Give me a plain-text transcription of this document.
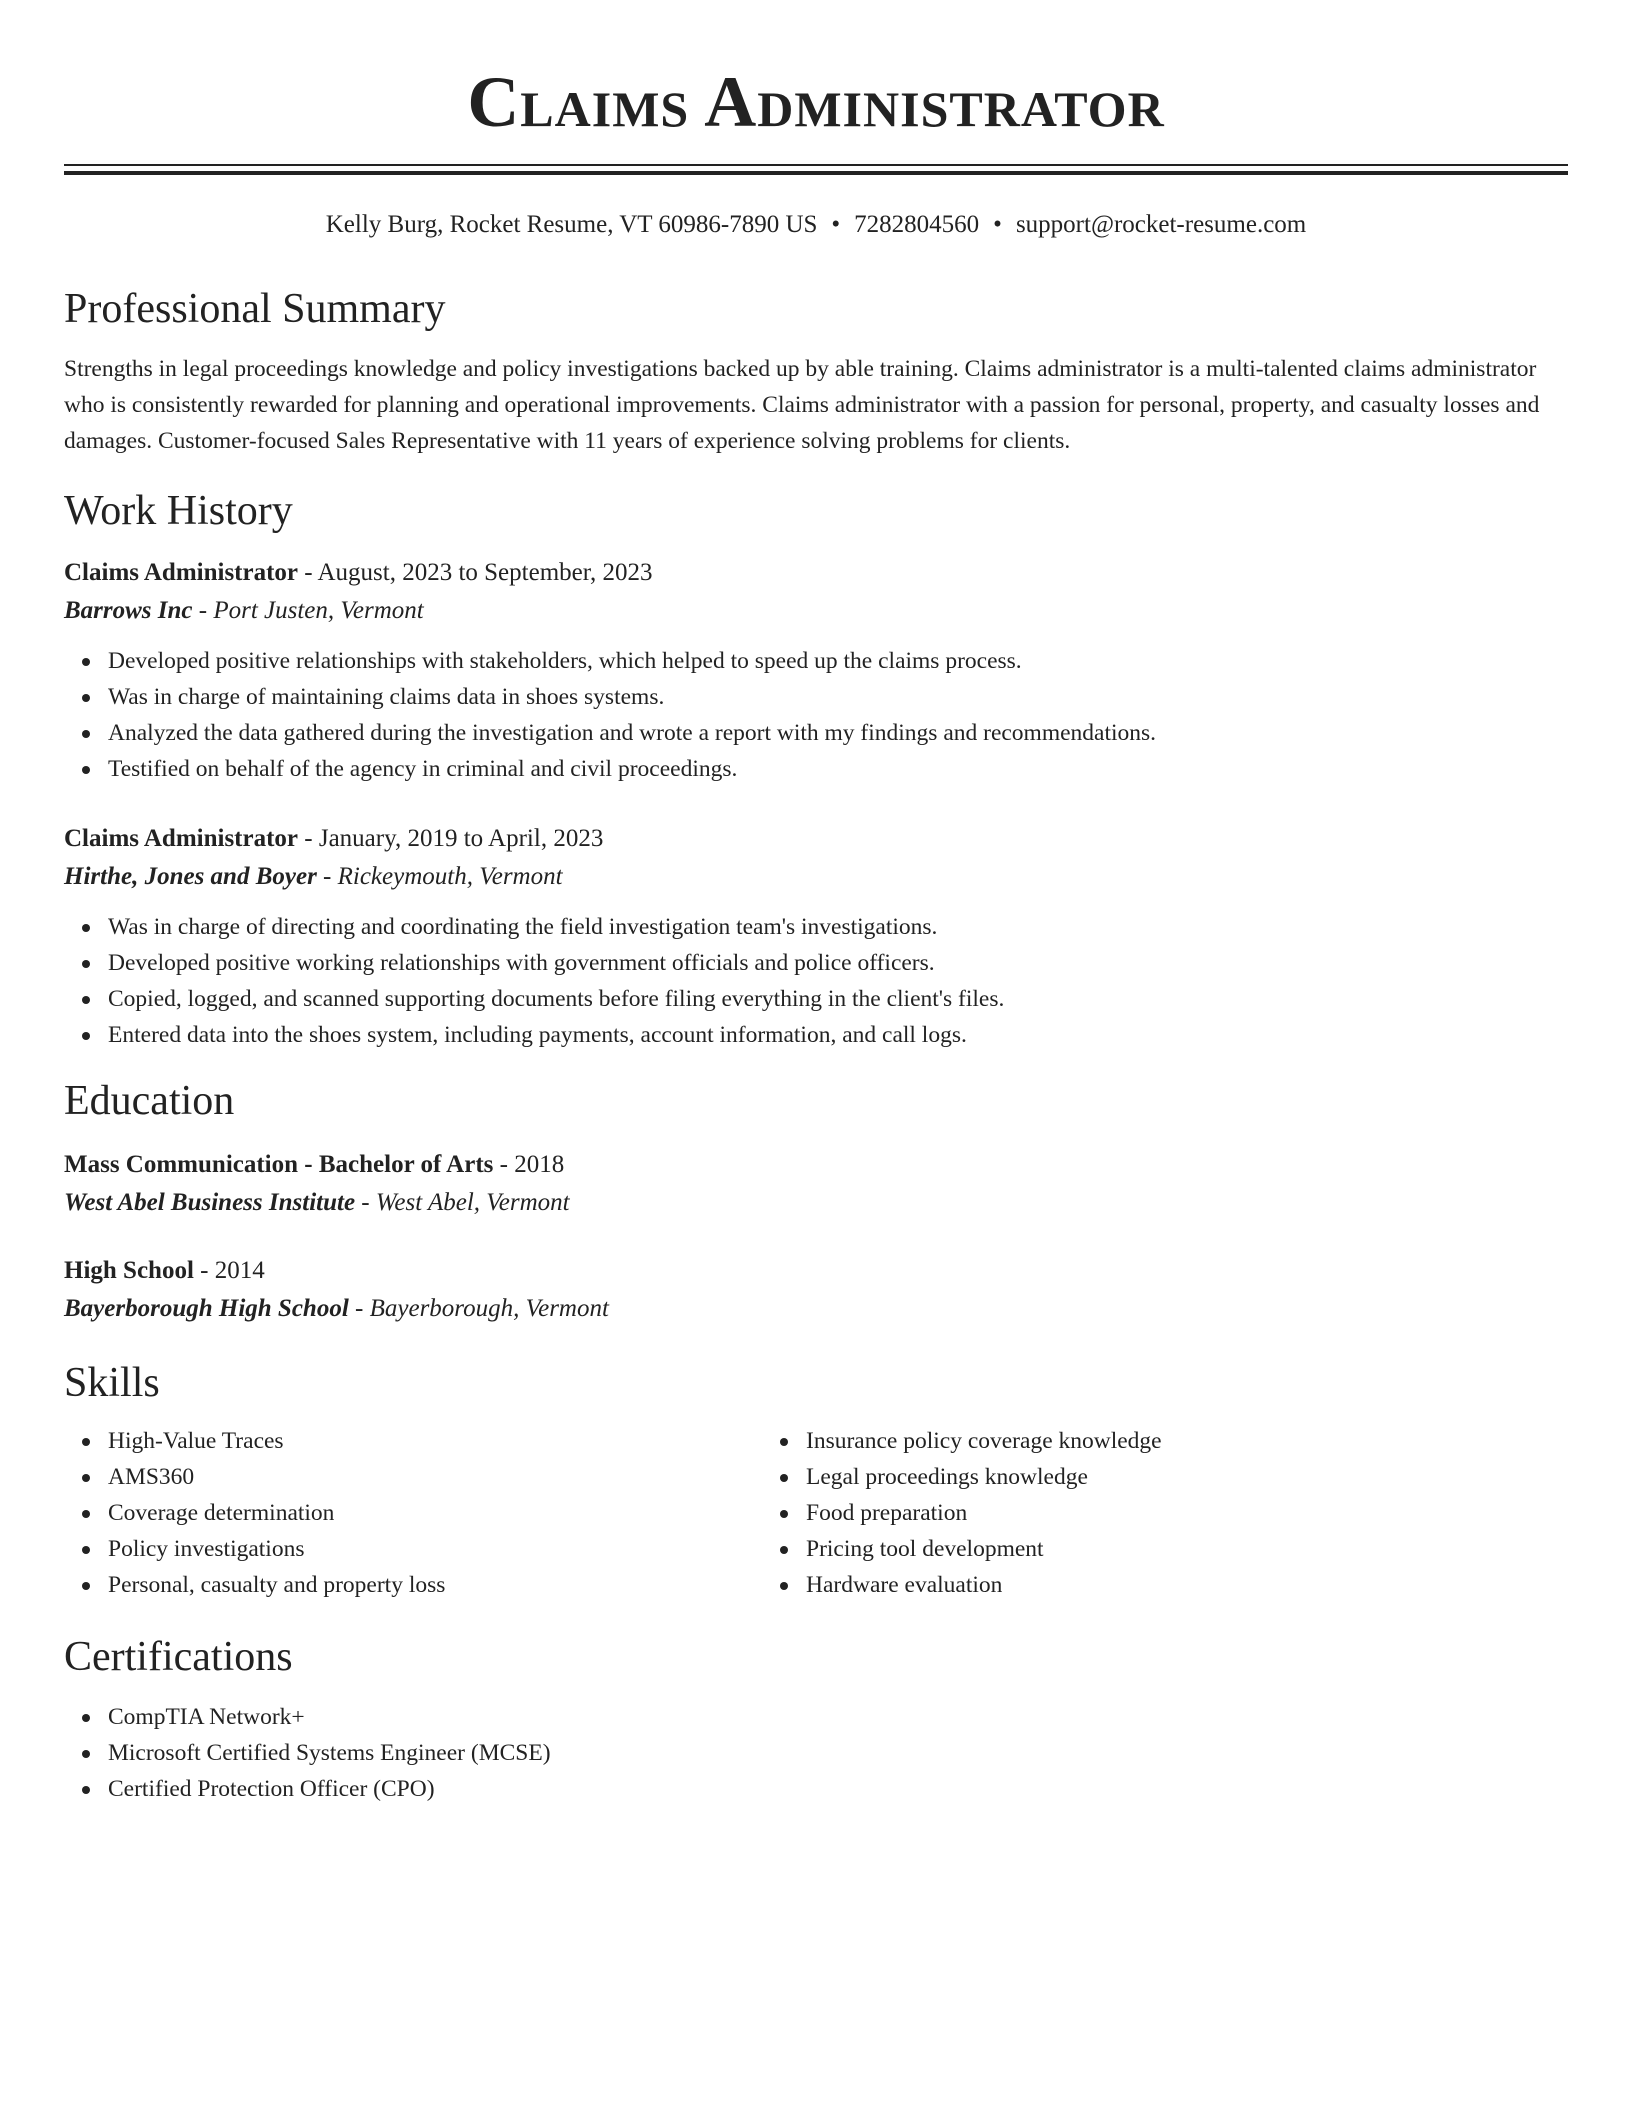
Claims Administrator
Kelly Burg, Rocket Resume, VT 60986-7890 US • 7282804560 • support@rocket-resume.com
Professional Summary

Strengths in legal proceedings knowledge and policy investigations backed up by able training. Claims administrator is a multi-talented claims administrator who is consistently rewarded for planning and operational improvements. Claims administrator with a passion for personal, property, and casualty losses and damages. Customer-focused Sales Representative with 11 years of experience solving problems for clients.

Work History
Claims Administrator - August, 2023 to September, 2023
Barrows Inc - Port Justen, Vermont
Developed positive relationships with stakeholders, which helped to speed up the claims process.
Was in charge of maintaining claims data in shoes systems.
Analyzed the data gathered during the investigation and wrote a report with my findings and recommendations.
Testified on behalf of the agency in criminal and civil proceedings.
Claims Administrator - January, 2019 to April, 2023
Hirthe, Jones and Boyer - Rickeymouth, Vermont
Was in charge of directing and coordinating the field investigation team's investigations.
Developed positive working relationships with government officials and police officers.
Copied, logged, and scanned supporting documents before filing everything in the client's files.
Entered data into the shoes system, including payments, account information, and call logs.
Education
Mass Communication - Bachelor of Arts - 2018
West Abel Business Institute - West Abel, Vermont
High School - 2014
Bayerborough High School - Bayerborough, Vermont
Skills
High-Value Traces
AMS360
Coverage determination
Policy investigations
Personal, casualty and property loss
Insurance policy coverage knowledge
Legal proceedings knowledge
Food preparation
Pricing tool development
Hardware evaluation
Certifications
CompTIA Network+
Microsoft Certified Systems Engineer (MCSE)
Certified Protection Officer (CPO)
